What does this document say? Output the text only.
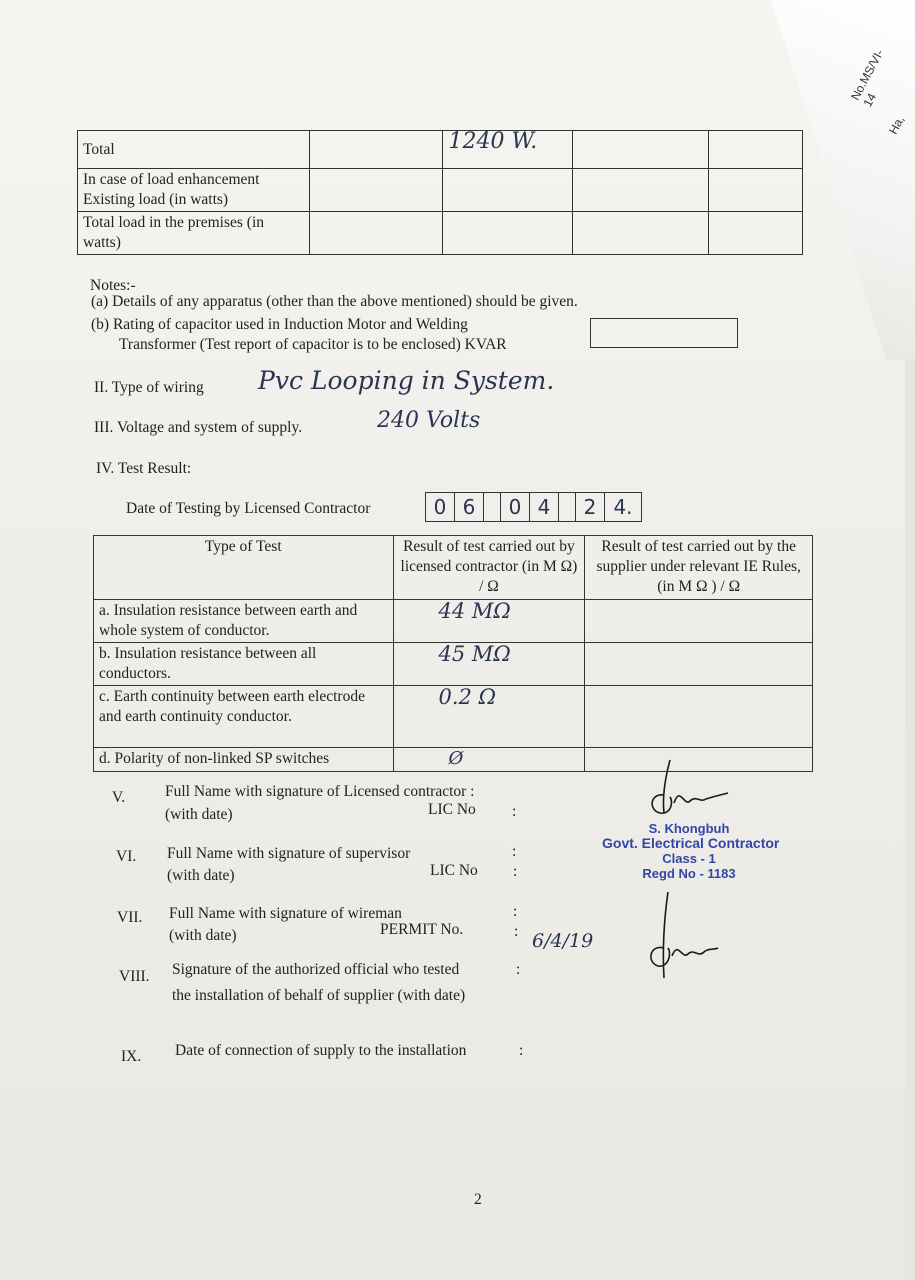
No.MS/VI-14
Ha,
Total		1240 W.		
In case of load enhancement Existing load (in watts)				
Total load in the premises (in watts)				
Notes:-
(a) Details of any apparatus (other than the above mentioned) should be given.
(b) Rating of capacitor used in Induction Motor and Welding
Transformer (Test report of capacitor is to be enclosed) KVAR
II. Type of wiring Pvc Looping in System.
III. Voltage and system of supply.	240 Volts
IV. Test Result:
Date of Testing by Licensed Contractor	0 6	0 4	2 4.
Type of Test	Result of test carried out by licensed contractor (in M Ω) / Ω	Result of test carried out by the supplier under relevant IE Rules, (in M Ω ) / Ω
a. Insulation resistance between earth and whole system of conductor.	44 MΩ	
b. Insulation resistance between all conductors.	45 MΩ	
c. Earth continuity between earth electrode and earth continuity conductor.	0.2 Ω	
d. Polarity of non-linked SP switches	Ø	
V.	Full Name with signature of Licensed contractor :
(with date)	LIC No :
VI. Full Name with signature of supervisor
(with date)	LIC No
:
:
VII. Full Name with signature of wireman
(with date)	PERMIT No.
:
:
VIII. Signature of the authorized official who tested
the installation of behalf of supplier (with date)
:
6/4/19
IX. Date of connection of supply to the installation	:
S. Khongbuh
Govt. Electrical Contractor
Class - 1
Regd No - 1183
2
